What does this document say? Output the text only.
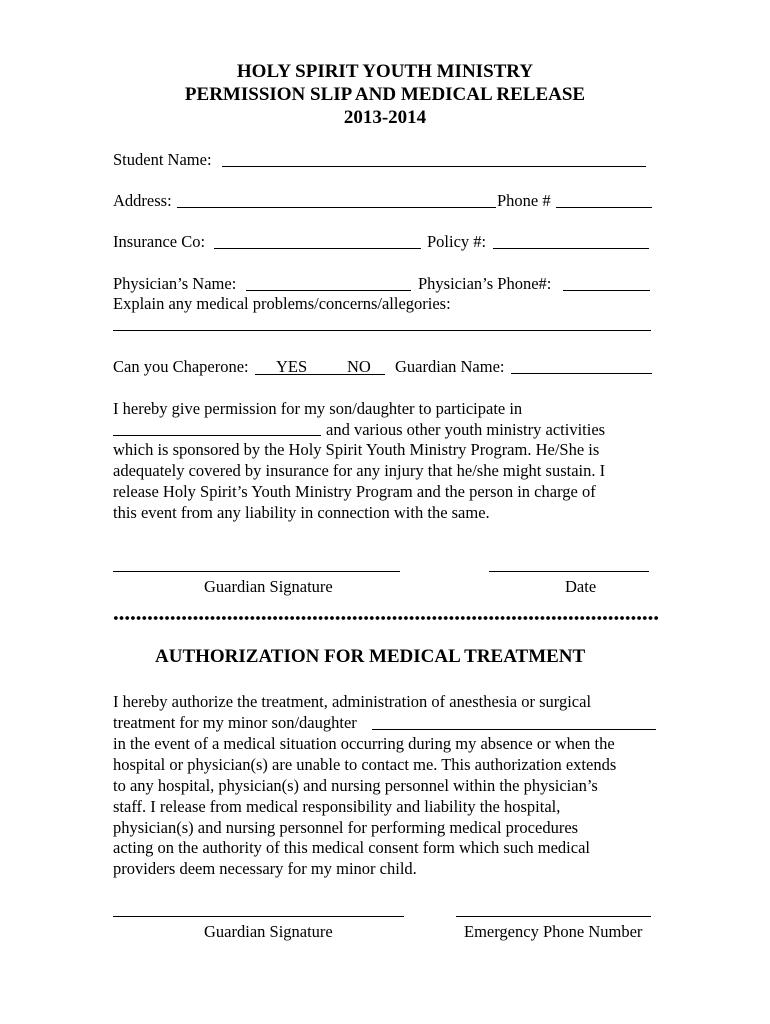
HOLY SPIRIT YOUTH MINISTRY
PERMISSION SLIP AND MEDICAL RELEASE
2013-2014
Student Name:
Address:	Phone #
Insurance Co:	Policy #:
Physician’s Name:	Physician’s Phone#:
Explain any medical problems/concerns/allegories:
Can you Chaperone: YES NO Guardian Name:
I hereby give permission for my son/daughter to participate in
and various other youth ministry activities
which is sponsored by the Holy Spirit Youth Ministry Program. He/She is
adequately covered by insurance for any injury that he/she might sustain. I
release Holy Spirit’s Youth Ministry Program and the person in charge of
this event from any liability in connection with the same.
Guardian Signature	Date
AUTHORIZATION FOR MEDICAL TREATMENT
I hereby authorize the treatment, administration of anesthesia or surgical
treatment for my minor son/daughter
in the event of a medical situation occurring during my absence or when the
hospital or physician(s) are unable to contact me. This authorization extends
to any hospital, physician(s) and nursing personnel within the physician’s
staff. I release from medical responsibility and liability the hospital,
physician(s) and nursing personnel for performing medical procedures
acting on the authority of this medical consent form which such medical
providers deem necessary for my minor child.
Guardian Signature	Emergency Phone Number
